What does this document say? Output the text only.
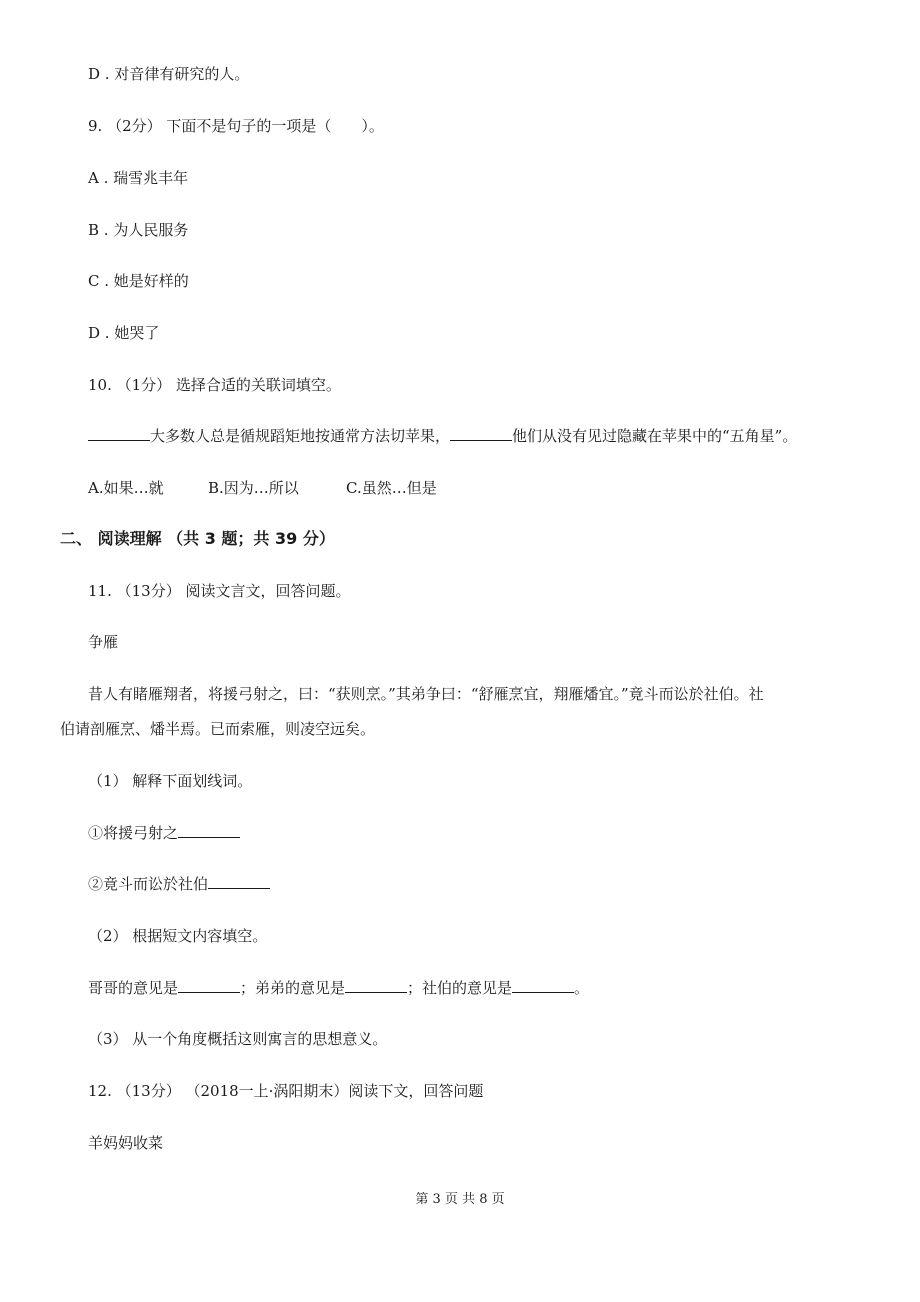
D . 对音律有研究的人。
9. （2分） 下面不是句子的一项是（　　）。
A . 瑞雪兆丰年
B . 为人民服务
C . 她是好样的
D . 她哭了
10. （1分） 选择合适的关联词填空。
大多数人总是循规蹈矩地按通常方法切苹果，	他们从没有见过隐藏在苹果中的“五角星”。
A.如果…就	B.因为…所以	C.虽然…但是
二、 阅读理解 （共 3 题；共 39 分）
11. （13分） 阅读文言文，回答问题。
争雁
昔人有睹雁翔者，将援弓射之，曰：“获则烹。”其弟争曰：“舒雁烹宜，翔雁燔宜。”竟斗而讼於社伯。社
伯请剖雁烹、燔半焉。已而索雁，则凌空远矣。
（1） 解释下面划线词。
①将援弓射之
②竟斗而讼於社伯
（2） 根据短文内容填空。
哥哥的意见是	；弟弟的意见是	；社伯的意见是	。
（3） 从一个角度概括这则寓言的思想意义。
12. （13分） （2018一上·涡阳期末）阅读下文，回答问题
羊妈妈收菜
第 3 页 共 8 页
